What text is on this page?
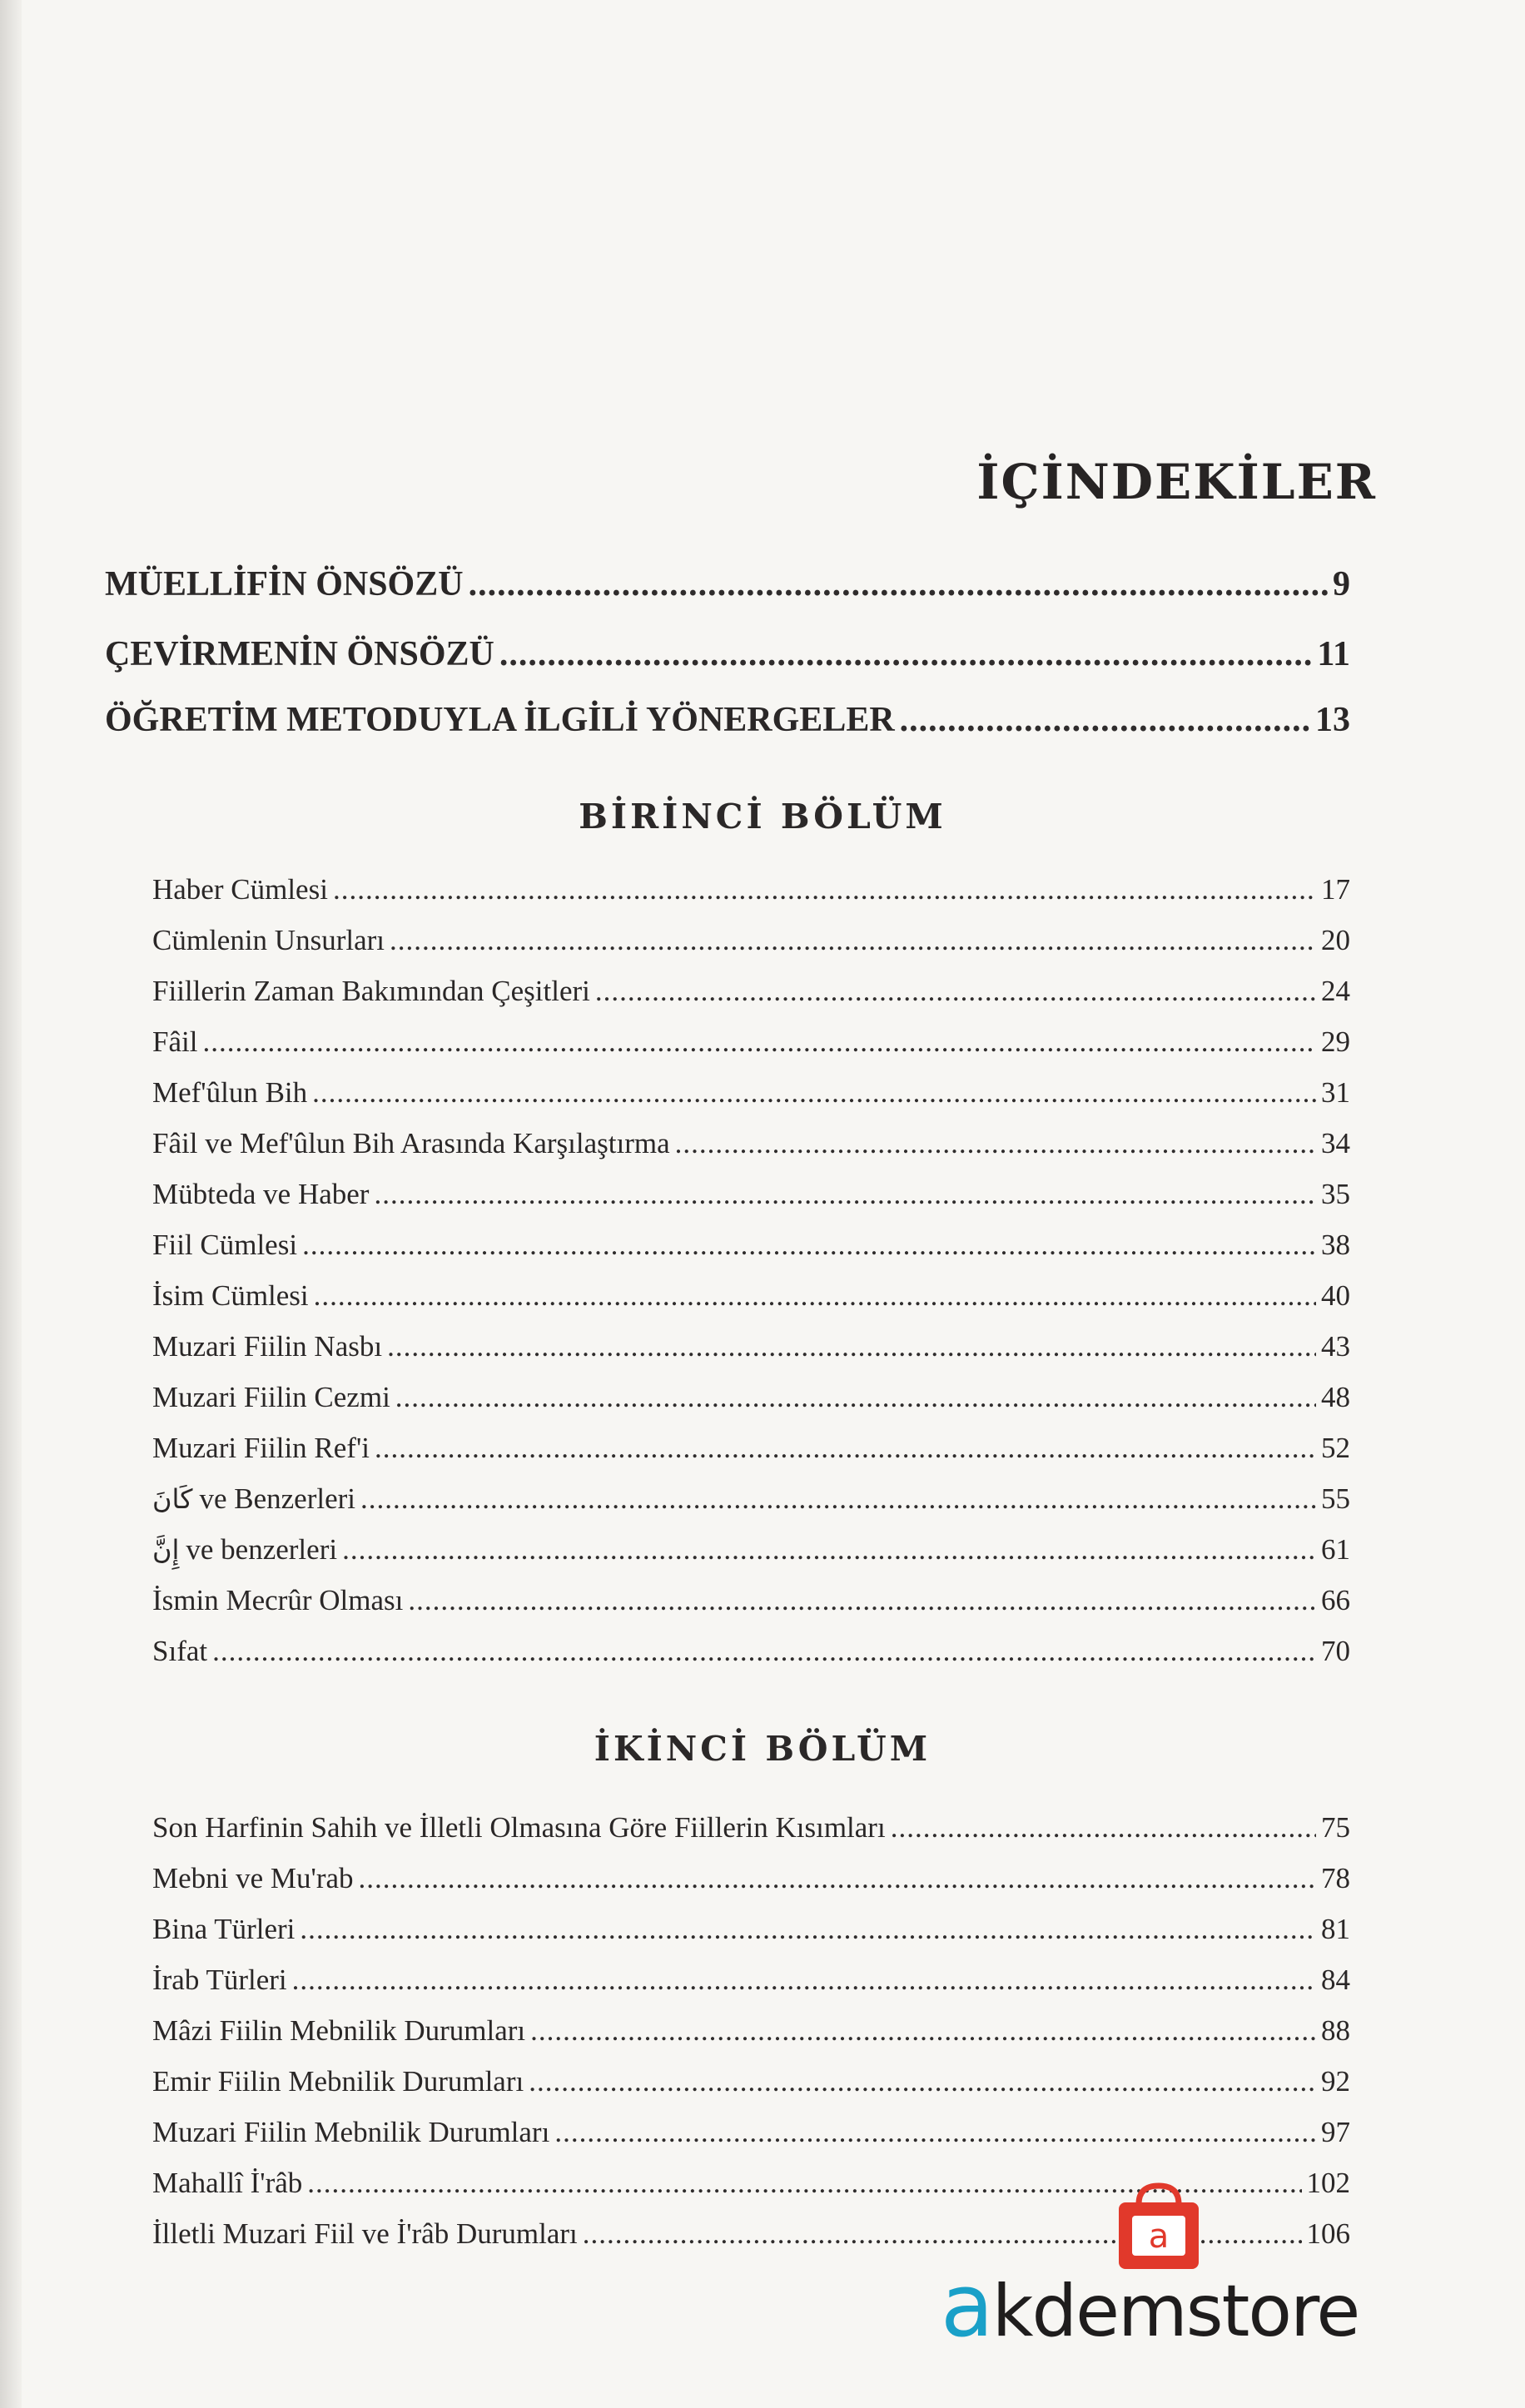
İÇİNDEKİLER
MÜELLİFİN ÖNSÖZÜ .....	9
ÇEVİRMENİN ÖNSÖZÜ .....	11
ÖĞRETİM METODUYLA İLGİLİ YÖNERGELER .....	13
BİRİNCİ BÖLÜM
Haber Cümlesi .....	17
Cümlenin Unsurları .....	20
Fiillerin Zaman Bakımından Çeşitleri .....	24
Fâil .....	29
Mef'ûlun Bih .....	31
Fâil ve Mef'ûlun Bih Arasında Karşılaştırma .....	34
Mübteda ve Haber .....	35
Fiil Cümlesi .....	38
İsim Cümlesi .....	40
Muzari Fiilin Nasbı .....	43
Muzari Fiilin Cezmi .....	48
Muzari Fiilin Ref'i .....	52
كَانَ ve Benzerleri .....	55
إِنَّ ve benzerleri .....	61
İsmin Mecrûr Olması .....	66
Sıfat .....	70
İKİNCİ BÖLÜM
Son Harfinin Sahih ve İlletli Olmasına Göre Fiillerin Kısımları .....	75
Mebni ve Mu'rab .....	78
Bina Türleri .....	81
İrab Türleri .....	84
Mâzi Fiilin Mebnilik Durumları .....	88
Emir Fiilin Mebnilik Durumları .....	92
Muzari Fiilin Mebnilik Durumları .....	97
Mahallî İ'râb .....	102
İlletli Muzari Fiil ve İ'râb Durumları .....	106
a
akdemstore
